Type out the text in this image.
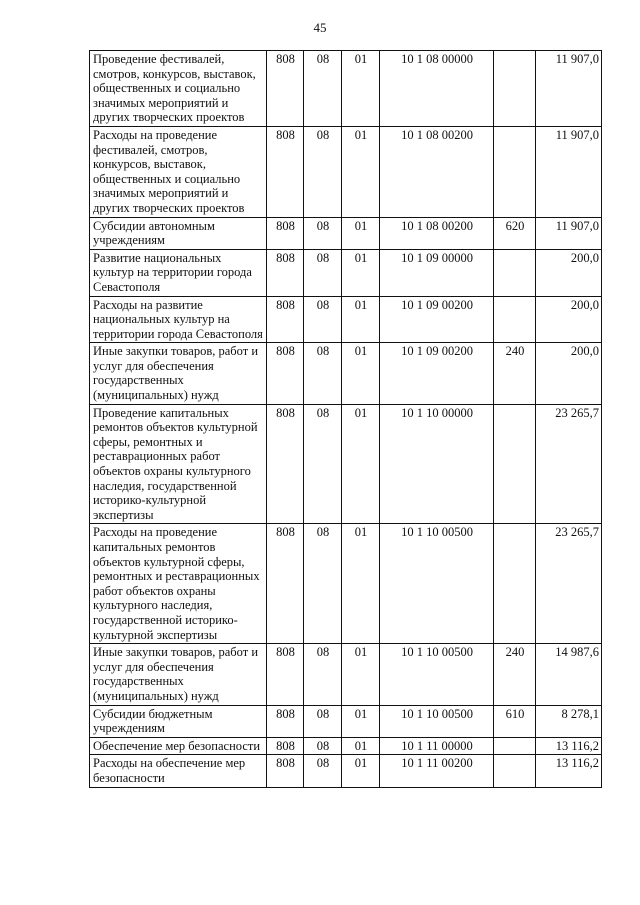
45
Проведение фестивалей, смотров, конкурсов, выставок, общественных и социально значимых мероприятий и других творческих проектов	808	08	01	10 1 08 00000		11 907,0
Расходы на проведение фестивалей, смотров, конкурсов, выставок, общественных и социально значимых мероприятий и других творческих проектов	808	08	01	10 1 08 00200		11 907,0
Субсидии автономным учреждениям	808	08	01	10 1 08 00200	620	11 907,0
Развитие национальных культур на территории города Севастополя	808	08	01	10 1 09 00000		200,0
Расходы на развитие национальных культур на территории города Севастополя	808	08	01	10 1 09 00200		200,0
Иные закупки товаров, работ и услуг для обеспечения государственных (муниципальных) нужд	808	08	01	10 1 09 00200	240	200,0
Проведение капитальных ремонтов объектов культурной сферы, ремонтных и реставрационных работ объектов охраны культурного наследия, государственной историко-культурной экспертизы	808	08	01	10 1 10 00000		23 265,7
Расходы на проведение капитальных ремонтов объектов культурной сферы, ремонтных и реставрационных работ объектов охраны культурного наследия, государственной историко-культурной экспертизы	808	08	01	10 1 10 00500		23 265,7
Иные закупки товаров, работ и услуг для обеспечения государственных (муниципальных) нужд	808	08	01	10 1 10 00500	240	14 987,6
Субсидии бюджетным учреждениям	808	08	01	10 1 10 00500	610	8 278,1
Обеспечение мер безопасности	808	08	01	10 1 11 00000		13 116,2
Расходы на обеспечение мер безопасности	808	08	01	10 1 11 00200		13 116,2
